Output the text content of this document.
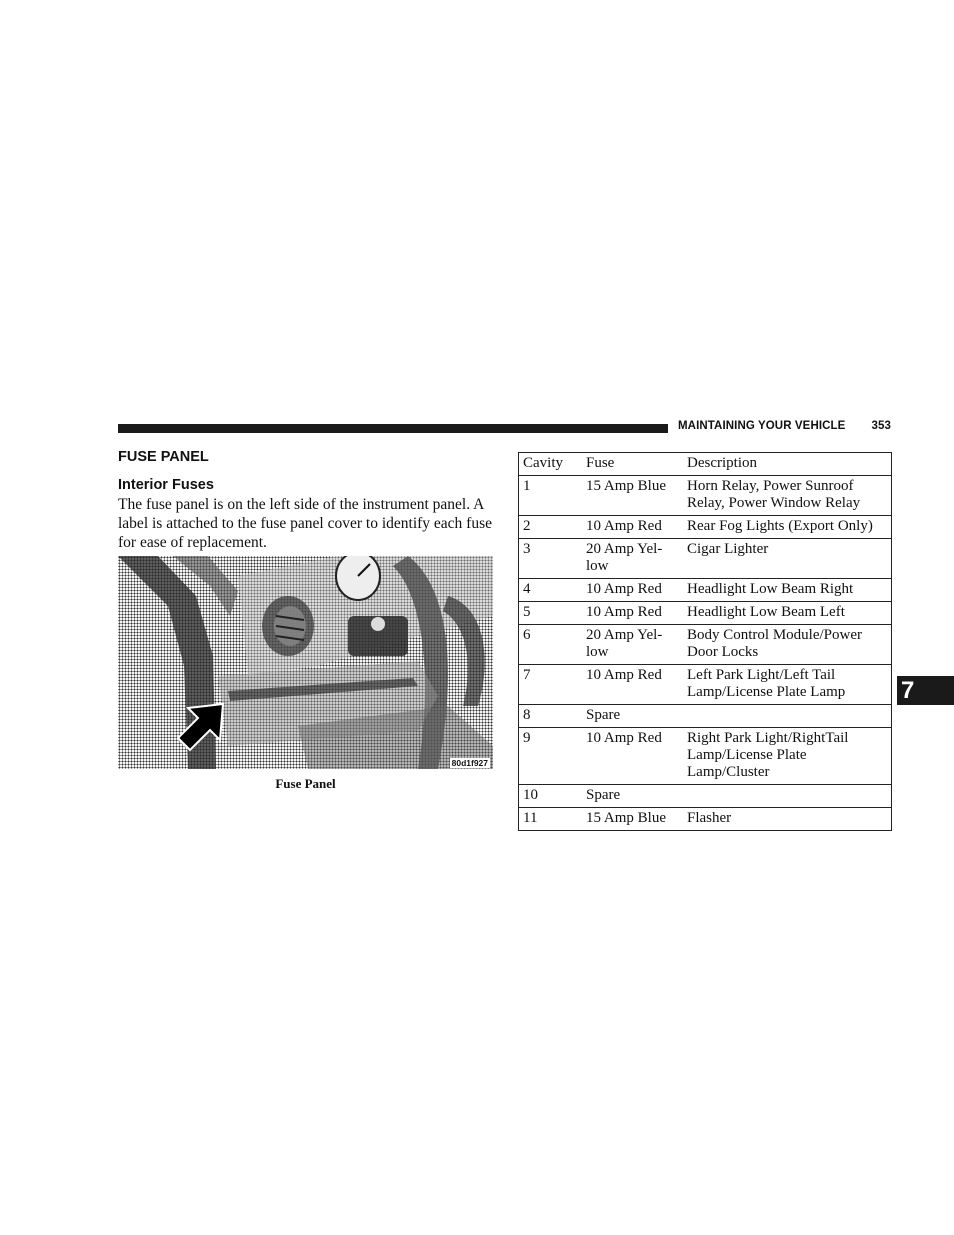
MAINTAINING YOUR VEHICLE 353
FUSE PANEL
Interior Fuses

The fuse panel is on the left side of the instrument panel. A label is attached to the fuse panel cover to identify each fuse for ease of replacement.

80d1f927
Fuse Panel
Cavity	Fuse	Description
1	15 Amp Blue	Horn Relay, Power Sunroof Relay, Power Window Relay
2	10 Amp Red	Rear Fog Lights (Export Only)
3	20 Amp Yel-low	Cigar Lighter
4	10 Amp Red	Headlight Low Beam Right
5	10 Amp Red	Headlight Low Beam Left
6	20 Amp Yel-low	Body Control Module/Power Door Locks
7	10 Amp Red	Left Park Light/Left Tail Lamp/License Plate Lamp
8	Spare	
9	10 Amp Red	Right Park Light/RightTail Lamp/License Plate Lamp/Cluster
10	Spare	
11	15 Amp Blue	Flasher
7
